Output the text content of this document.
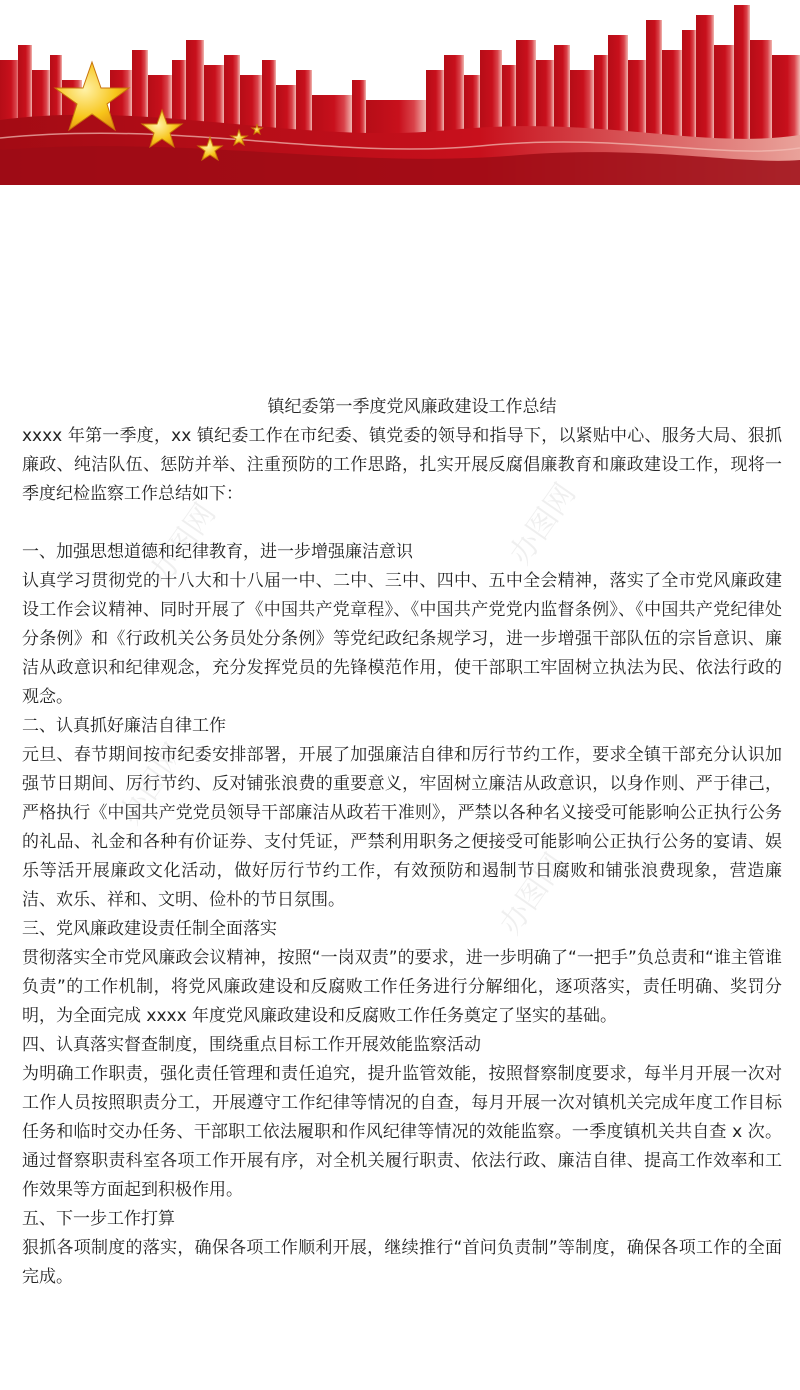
办图网	办图网
办图网
办图网
镇纪委第一季度党风廉政建设工作总结

xxxx 年第一季度，xx 镇纪委工作在市纪委、镇党委的领导和指导下，以紧贴中心、服务大局、狠抓廉政、纯洁队伍、惩防并举、注重预防的工作思路，扎实开展反腐倡廉教育和廉政建设工作，现将一季度纪检监察工作总结如下：

一、加强思想道德和纪律教育，进一步增强廉洁意识

认真学习贯彻党的十八大和十八届一中、二中、三中、四中、五中全会精神，落实了全市党风廉政建设工作会议精神、同时开展了《中国共产党章程》、《中国共产党党内监督条例》、《中国共产党纪律处分条例》和《行政机关公务员处分条例》等党纪政纪条规学习，进一步增强干部队伍的宗旨意识、廉洁从政意识和纪律观念，充分发挥党员的先锋模范作用，使干部职工牢固树立执法为民、依法行政的观念。

二、认真抓好廉洁自律工作

元旦、春节期间按市纪委安排部署，开展了加强廉洁自律和厉行节约工作，要求全镇干部充分认识加强节日期间、厉行节约、反对铺张浪费的重要意义，牢固树立廉洁从政意识，以身作则、严于律己，严格执行《中国共产党党员领导干部廉洁从政若干准则》，严禁以各种名义接受可能影响公正执行公务的礼品、礼金和各种有价证券、支付凭证，严禁利用职务之便接受可能影响公正执行公务的宴请、娱乐等活开展廉政文化活动，做好厉行节约工作，有效预防和遏制节日腐败和铺张浪费现象，营造廉洁、欢乐、祥和、文明、俭朴的节日氛围。

三、党风廉政建设责任制全面落实

贯彻落实全市党风廉政会议精神，按照“一岗双责”的要求，进一步明确了“一把手”负总责和“谁主管谁负责”的工作机制，将党风廉政建设和反腐败工作任务进行分解细化，逐项落实，责任明确、奖罚分明，为全面完成 xxxx 年度党风廉政建设和反腐败工作任务奠定了坚实的基础。

四、认真落实督查制度，围绕重点目标工作开展效能监察活动

为明确工作职责，强化责任管理和责任追究，提升监管效能，按照督察制度要求，每半月开展一次对工作人员按照职责分工，开展遵守工作纪律等情况的自查，每月开展一次对镇机关完成年度工作目标任务和临时交办任务、干部职工依法履职和作风纪律等情况的效能监察。一季度镇机关共自查 x 次。通过督察职责科室各项工作开展有序，对全机关履行职责、依法行政、廉洁自律、提高工作效率和工作效果等方面起到积极作用。

五、下一步工作打算

狠抓各项制度的落实，确保各项工作顺利开展，继续推行“首问负责制”等制度，确保各项工作的全面完成。
